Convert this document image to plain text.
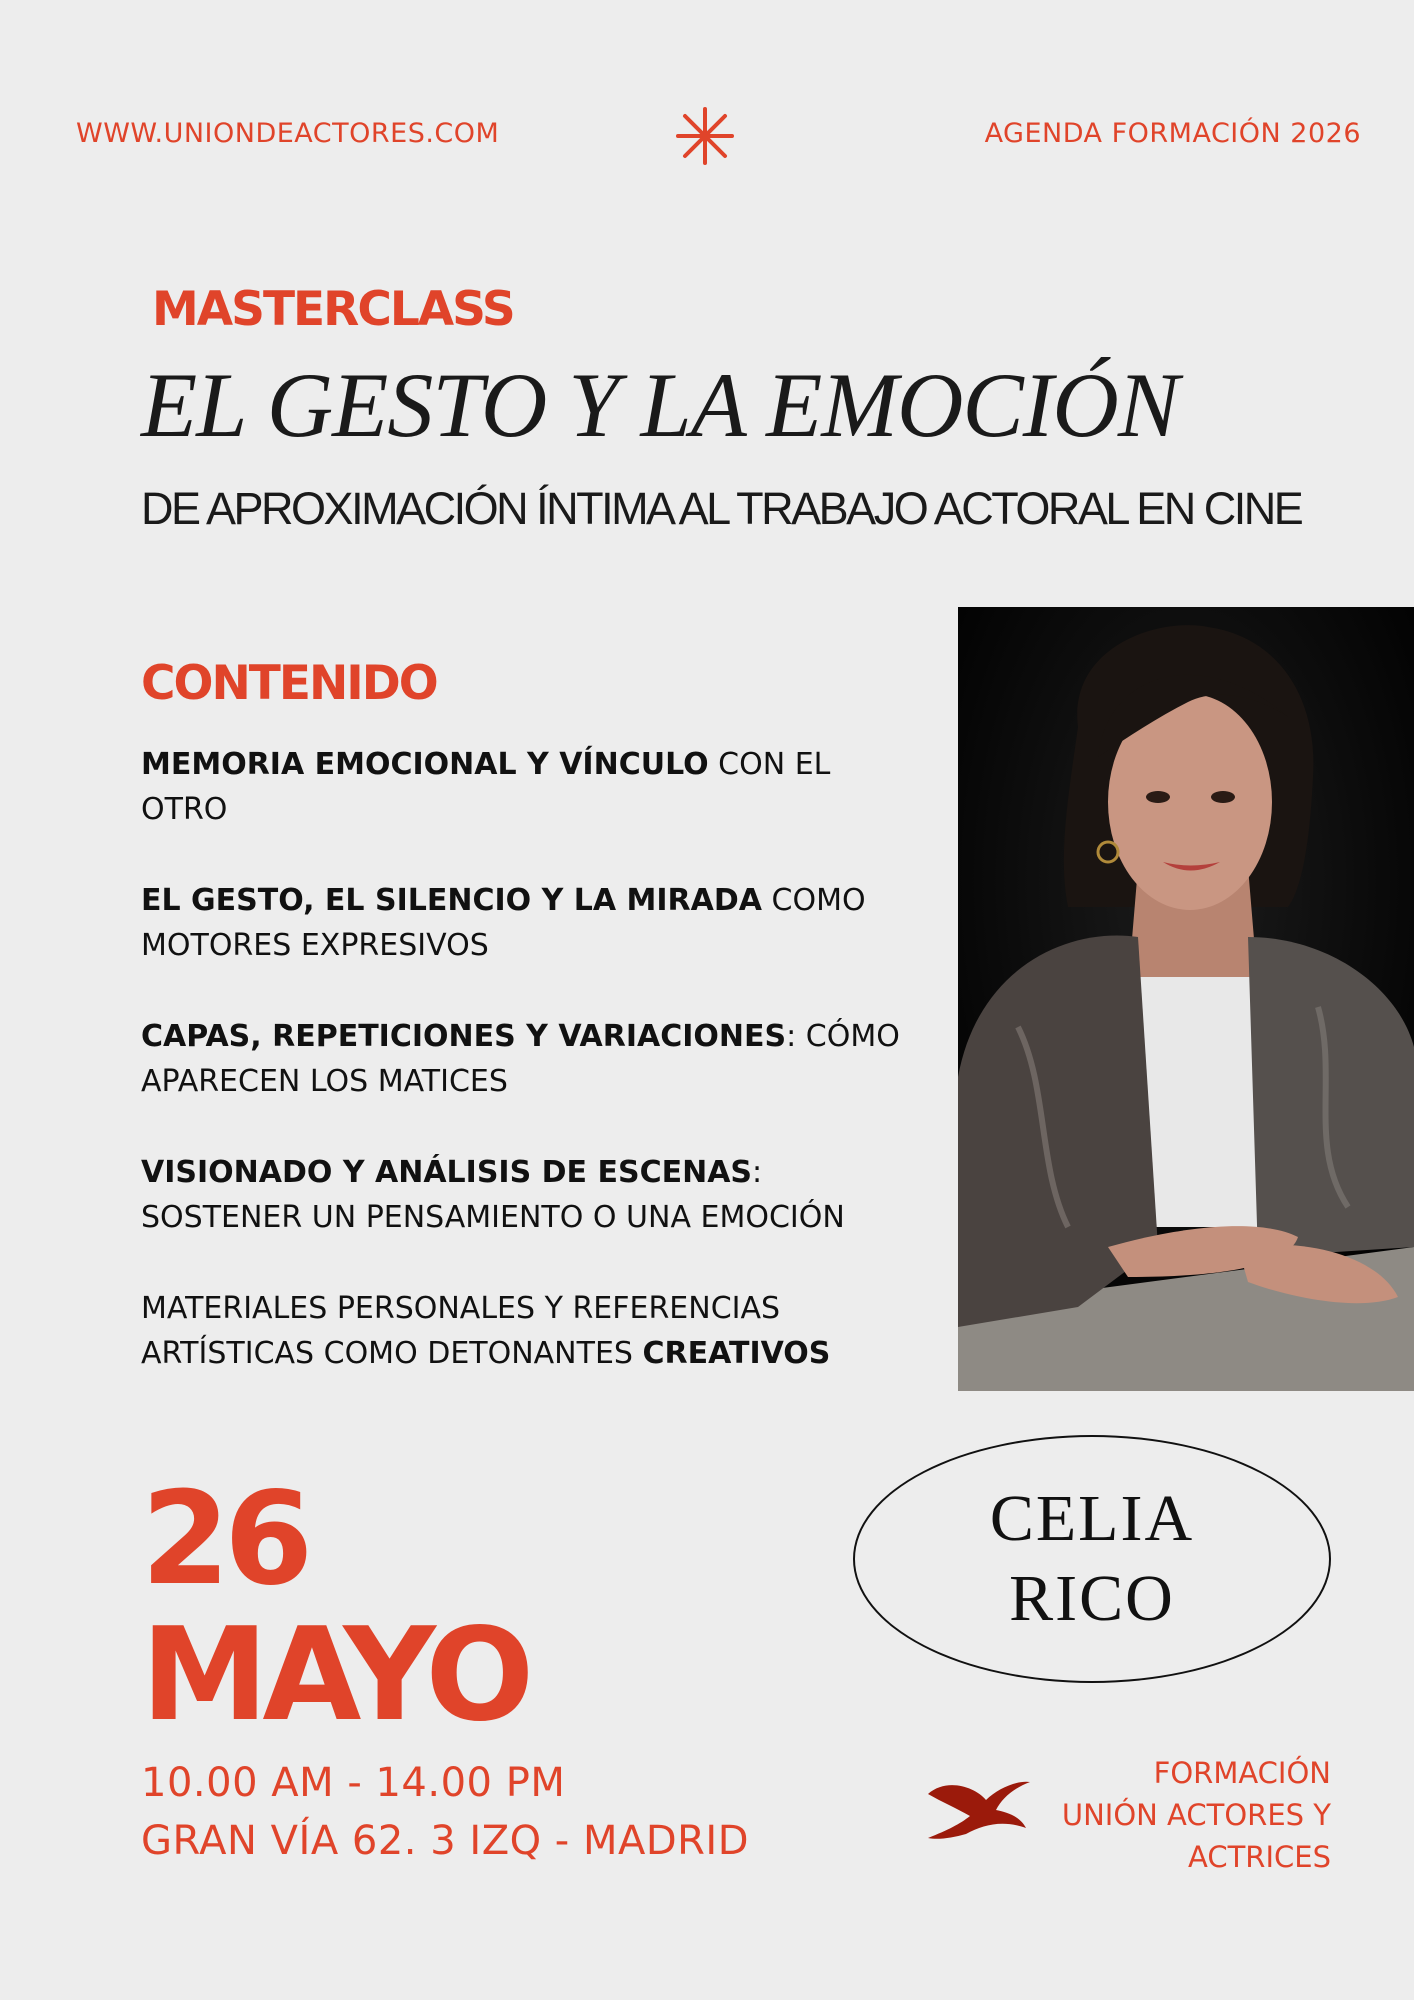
WWW.UNIONDEACTORES.COM	AGENDA FORMACIÓN 2026
MASTERCLASS
EL GESTO Y LA EMOCIÓN
DE APROXIMACIÓN ÍNTIMA AL TRABAJO ACTORAL EN CINE
CONTENIDO
MEMORIA EMOCIONAL Y VÍNCULO CON EL OTRO
EL GESTO, EL SILENCIO Y LA MIRADA COMO MOTORES EXPRESIVOS
CAPAS, REPETICIONES Y VARIACIONES: CÓMO APARECEN LOS MATICES
VISIONADO Y ANÁLISIS DE ESCENAS: SOSTENER UN PENSAMIENTO O UNA EMOCIÓN
MATERIALES PERSONALES Y REFERENCIAS ARTÍSTICAS COMO DETONANTES CREATIVOS
CELIA
RICO
26
MAYO
10.00 AM - 14.00 PM
GRAN VÍA 62. 3 IZQ - MADRID
FORMACIÓN
UNIÓN ACTORES Y
ACTRICES
